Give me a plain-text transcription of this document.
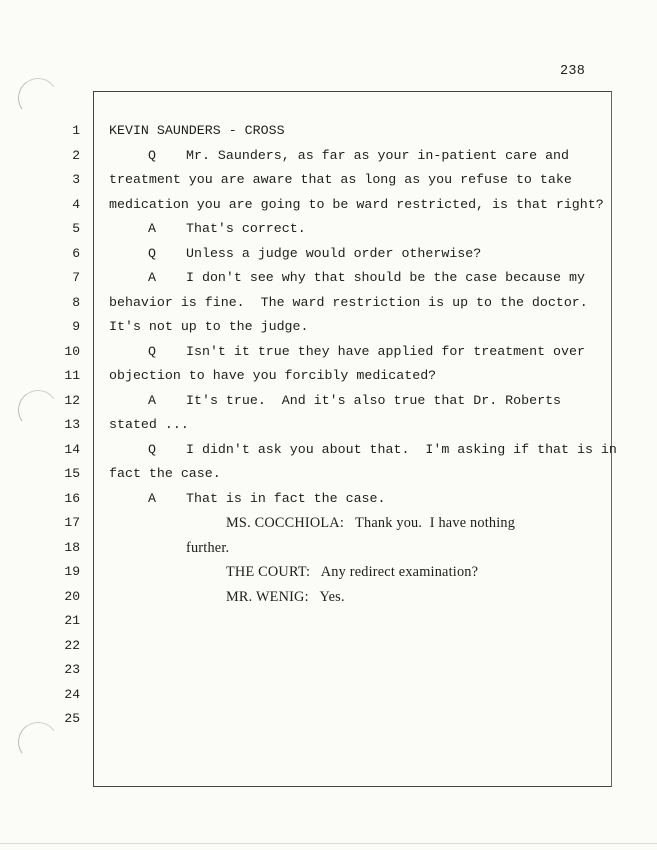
238
1
2
3
4
5
6
7
8
9
10
11
12
13
14
15
16
17
18
19
20
21
22
23
24
25
Q
A
Q
A
Q
A
Q
A
KEVIN SAUNDERS - CROSS
Mr. Saunders, as far as your in-patient care and
treatment you are aware that as long as you refuse to take
medication you are going to be ward restricted, is that right?
That's correct.
Unless a judge would order otherwise?
I don't see why that should be the case because my
behavior is fine.  The ward restriction is up to the doctor.
It's not up to the judge.
Isn't it true they have applied for treatment over
objection to have you forcibly medicated?
It's true.  And it's also true that Dr. Roberts
stated ...
I didn't ask you about that.  I'm asking if that is in
fact the case.
That is in fact the case.
MS. COCCHIOLA:   Thank you.  I have nothing
further.
THE COURT:   Any redirect examination?
MR. WENIG:   Yes.
